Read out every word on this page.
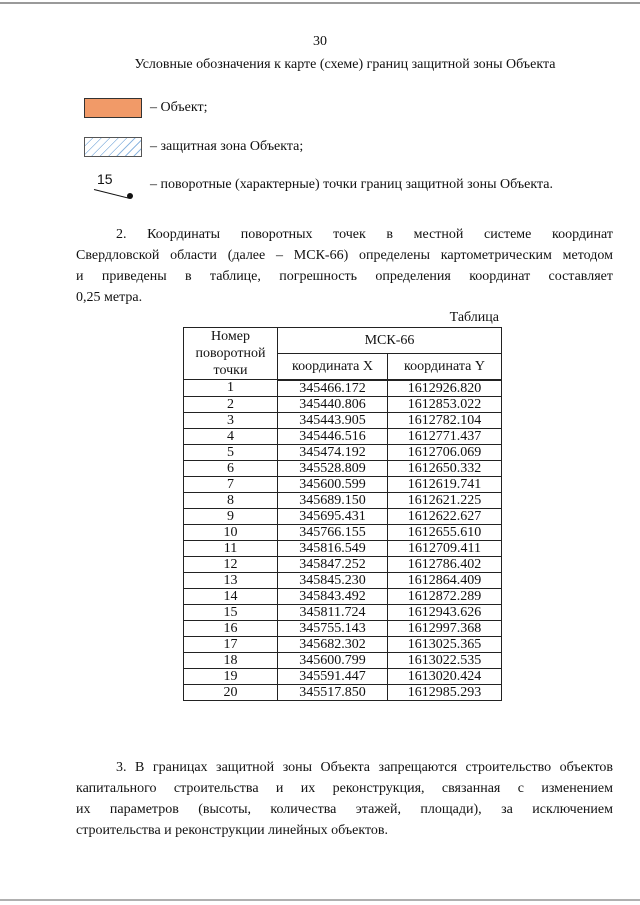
30
Условные обозначения к карте (схеме) границ защитной зоны Объекта
– Объект;
– защитная зона Объекта;
15	– поворотные (характерные) точки границ защитной зоны Объекта.
2. Координаты поворотных точек в местной системе координат
Свердловской области (далее – МСК-66) определены картометрическим методом
и приведены в таблице, погрешность определения координат составляет
0,25 метра.
Таблица
Номер поворотной точки	МСК-66	
	координата X	координата Y
1	345466.172	1612926.820
2	345440.806	1612853.022
3	345443.905	1612782.104
4	345446.516	1612771.437
5	345474.192	1612706.069
6	345528.809	1612650.332
7	345600.599	1612619.741
8	345689.150	1612621.225
9	345695.431	1612622.627
10	345766.155	1612655.610
11	345816.549	1612709.411
12	345847.252	1612786.402
13	345845.230	1612864.409
14	345843.492	1612872.289
15	345811.724	1612943.626
16	345755.143	1612997.368
17	345682.302	1613025.365
18	345600.799	1613022.535
19	345591.447	1613020.424
20	345517.850	1612985.293
3. В границах защитной зоны Объекта запрещаются строительство объектов
капитального строительства и их реконструкция, связанная с изменением
их параметров (высоты, количества этажей, площади), за исключением
строительства и реконструкции линейных объектов.
